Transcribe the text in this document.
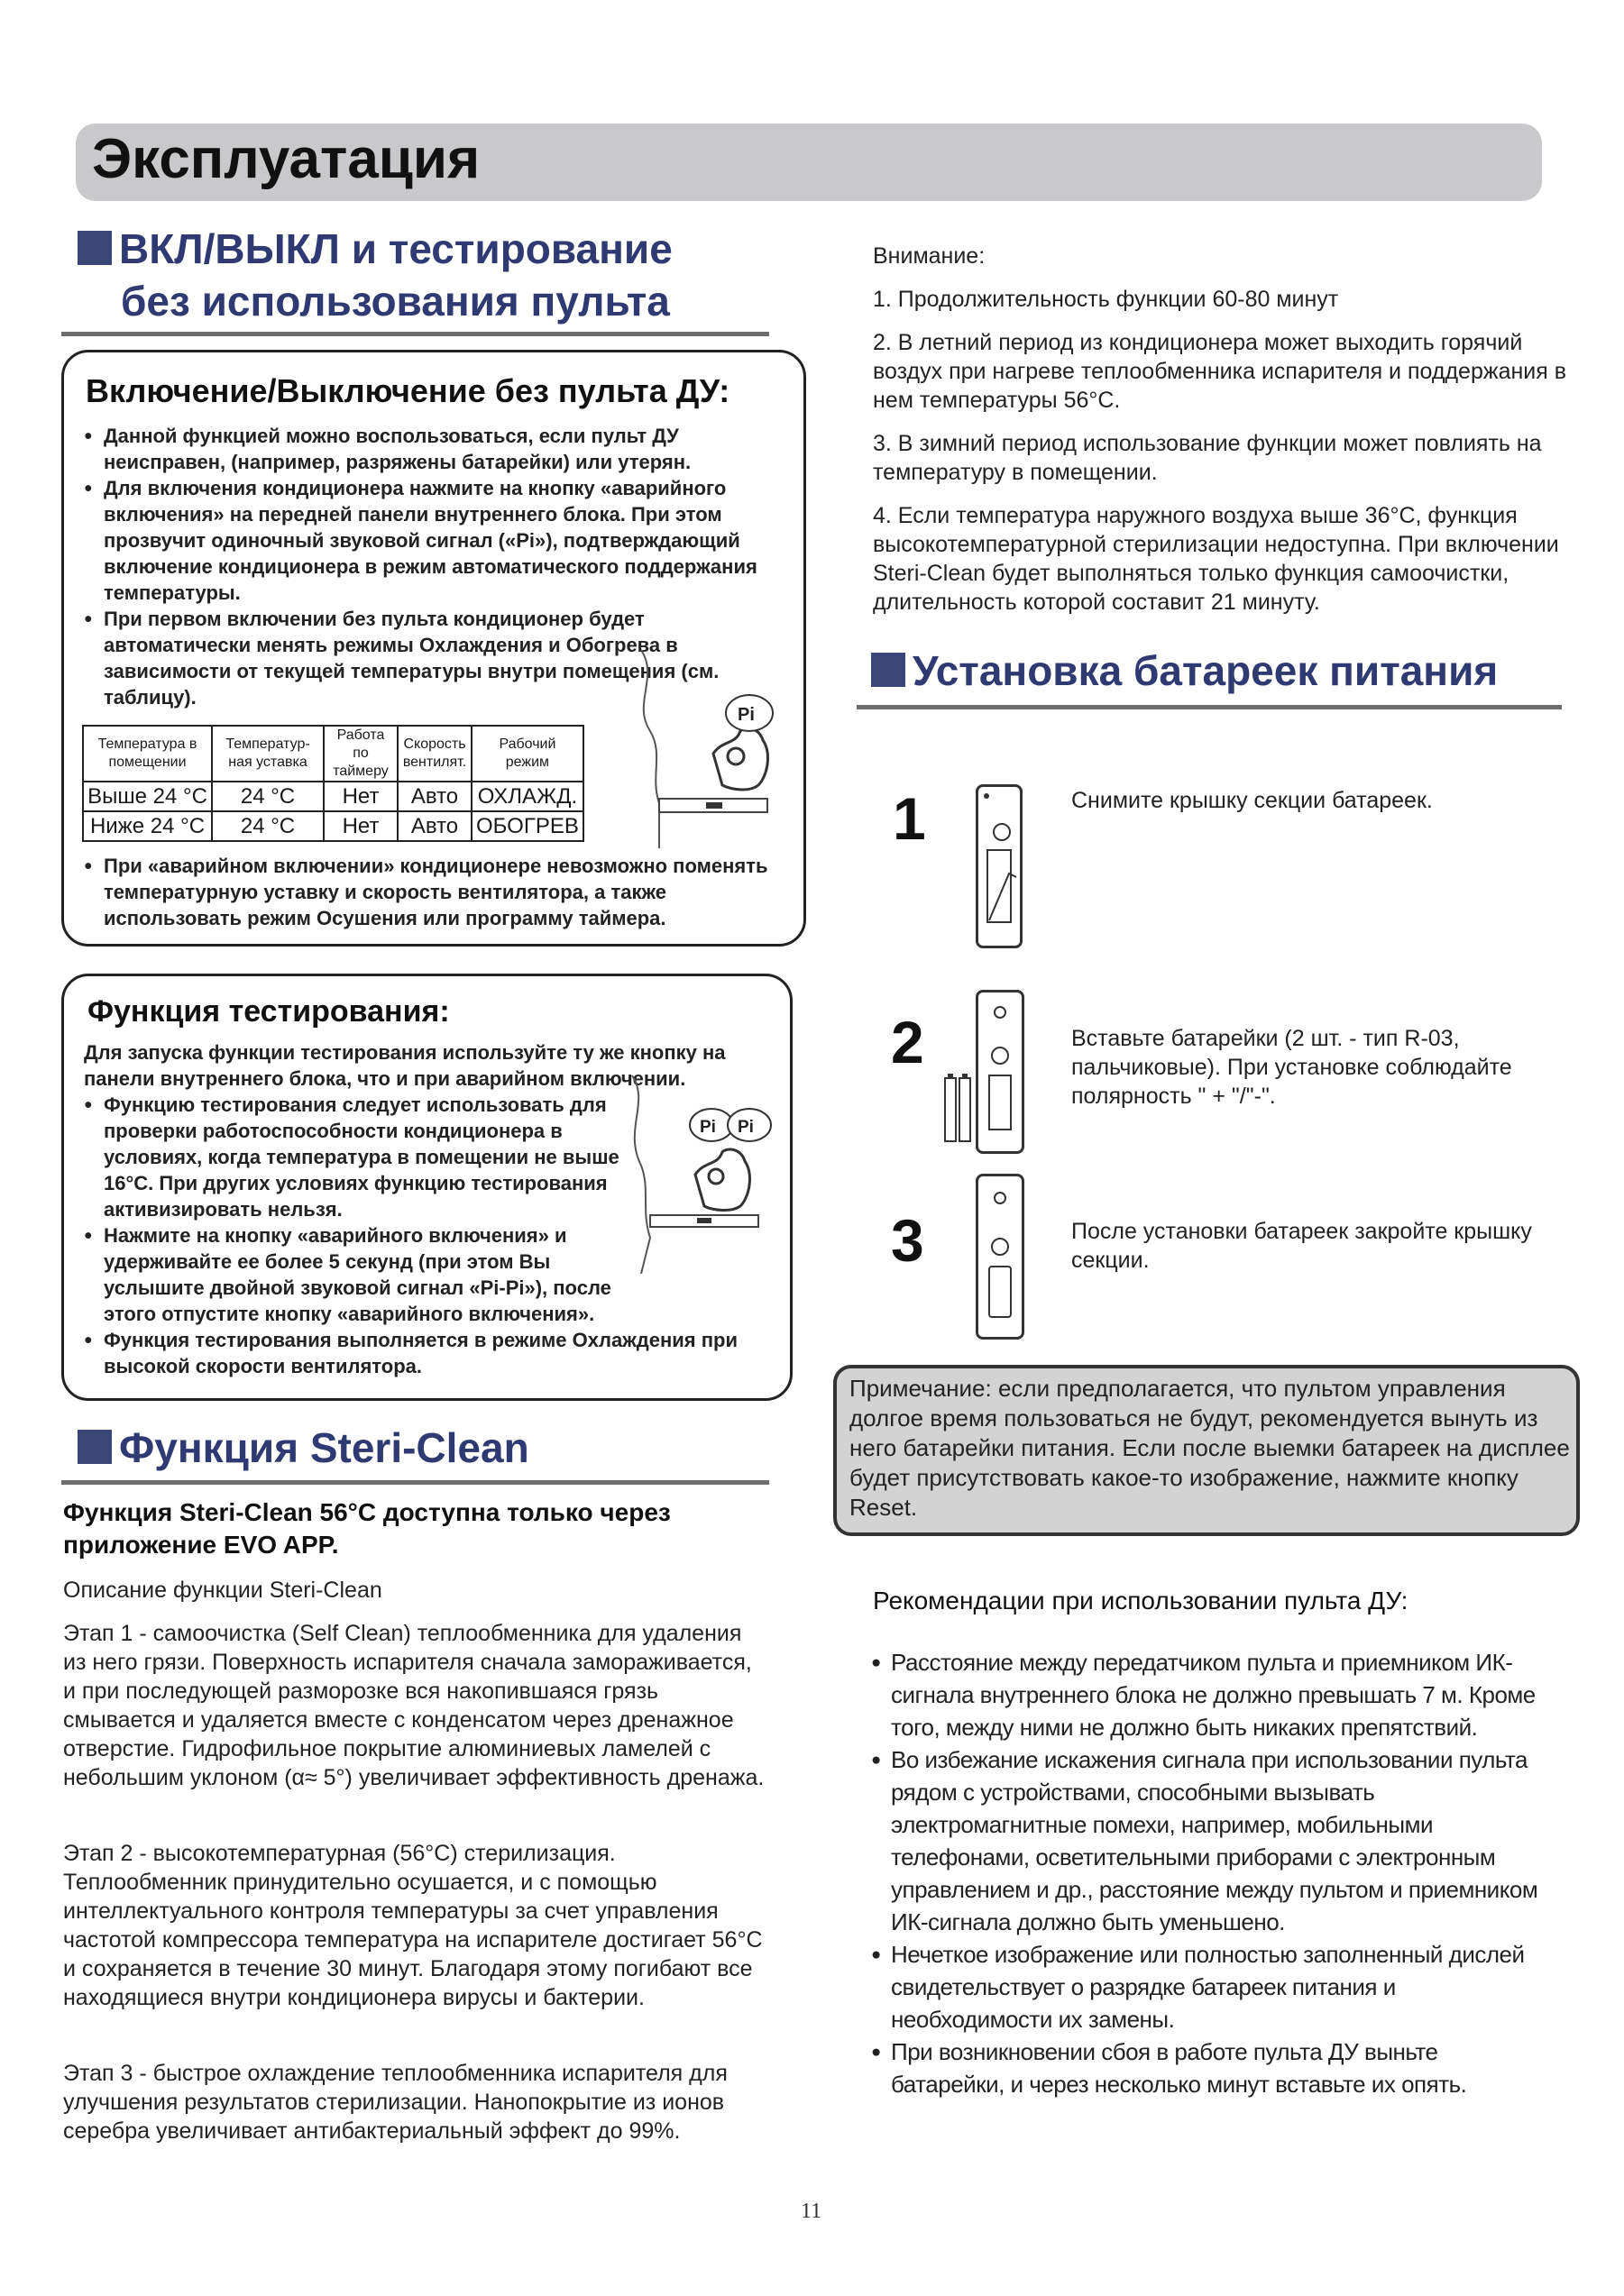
Эксплуатация
ВКЛ/ВЫКЛ и тестирование
без использования пульта
Включение/Выключение без пульта ДУ:
● Данной функцией можно воспользоваться, если пульт ДУ неисправен, (например, разряжены батарейки) или утерян.
● Для включения кондиционера нажмите на кнопку «аварийного включения» на передней панели внутреннего блока. При этом прозвучит одиночный звуковой сигнал («Pi»), подтверждающий включение кондиционера в режим автоматического поддержания температуры.
● При первом включении без пульта кондиционер будет автоматически менять режимы Охлаждения и Обогрева в зависимости от текущей температуры внутри помещения (см. таблицу).
Температура в помещении	Температур-ная уставка	Работа по таймеру	Скорость вентилят.	Рабочий режим
Выше 24 °C	24 °C	Нет	Авто	ОХЛАЖД.
Ниже 24 °C	24 °C	Нет	Авто	ОБОГРЕВ
Pi
● При «аварийном включении» кондиционере невозможно поменять температурную уставку и скорость вентилятора, а также использовать режим Осушения или программу таймера.
Функция тестирования:
Для запуска функции тестирования используйте ту же кнопку на панели внутреннего блока, что и при аварийном включении.
● Функцию тестирования следует использовать для проверки работоспособности кондиционера в условиях, когда температура в помещении не выше 16°C. При других условиях функцию тестирования активизировать нельзя.
● Нажмите на кнопку «аварийного включения» и удерживайте ее более 5 секунд (при этом Вы услышите двойной звуковой сигнал «Pi-Pi»), после этого отпустите кнопку «аварийного включения».
● Функция тестирования выполняется в режиме Охлаждения при высокой скорости вентилятора.
Pi Pi
Функция Steri-Clean
Функция Steri-Clean 56°C доступна только через приложение EVO APP.
Описание функции Steri-Clean
Этап 1 - самоочистка (Self Clean) теплообменника для удаления из него грязи. Поверхность испарителя сначала замораживается, и при последующей разморозке вся накопившаяся грязь смывается и удаляется вместе с конденсатом через дренажное отверстие. Гидрофильное покрытие алюминиевых ламелей с небольшим уклоном (α≈ 5°) увеличивает эффективность дренажа.
Этап 2 - высокотемпературная (56°C) стерилизация. Теплообменник принудительно осушается, и с помощью интеллектуального контроля температуры за счет управления частотой компрессора температура на испарителе достигает 56°C и сохраняется в течение 30 минут. Благодаря этому погибают все находящиеся внутри кондиционера вирусы и бактерии.
Этап 3 - быстрое охлаждение теплообменника испарителя для улучшения результатов стерилизации. Нанопокрытие из ионов серебра увеличивает антибактериальный эффект до 99%.
Внимание:
1. Продолжительность функции 60-80 минут
2. В летний период из кондиционера может выходить горячий воздух при нагреве теплообменника испарителя и поддержания в нем температуры 56°C.
3. В зимний период использование функции может повлиять на температуру в помещении.
4. Если температура наружного воздуха выше 36°C, функция высокотемпературной стерилизации недоступна. При включении Steri-Clean будет выполняться только функция самоочистки, длительность которой составит 21 минуту.
Установка батареек питания
1	Снимите крышку секции батареек.
2	Вставьте батарейки (2 шт. - тип R-03, пальчиковые). При установке соблюдайте полярность " + "/"-".
3	После установки батареек закройте крышку секции.
Примечание: если предполагается, что пультом управления долгое время пользоваться не будут, рекомендуется вынуть из него батарейки питания. Если после выемки батареек на дисплее будет присутствовать какое-то изображение, нажмите кнопку Reset.
Рекомендации при использовании пульта ДУ:
● Расстояние между передатчиком пульта и приемником ИК-сигнала внутреннего блока не должно превышать 7 м. Кроме того, между ними не должно быть никаких препятствий.
● Во избежание искажения сигнала при использовании пульта рядом с устройствами, способными вызывать электромагнитные помехи, например, мобильными телефонами, осветительными приборами с электронным управлением и др., расстояние между пультом и приемником ИК-сигнала должно быть уменьшено.
● Нечеткое изображение или полностью заполненный дислей свидетельствует о разрядке батареек питания и необходимости их замены.
● При возникновении сбоя в работе пульта ДУ выньте батарейки, и через несколько минут вставьте их опять.
11
